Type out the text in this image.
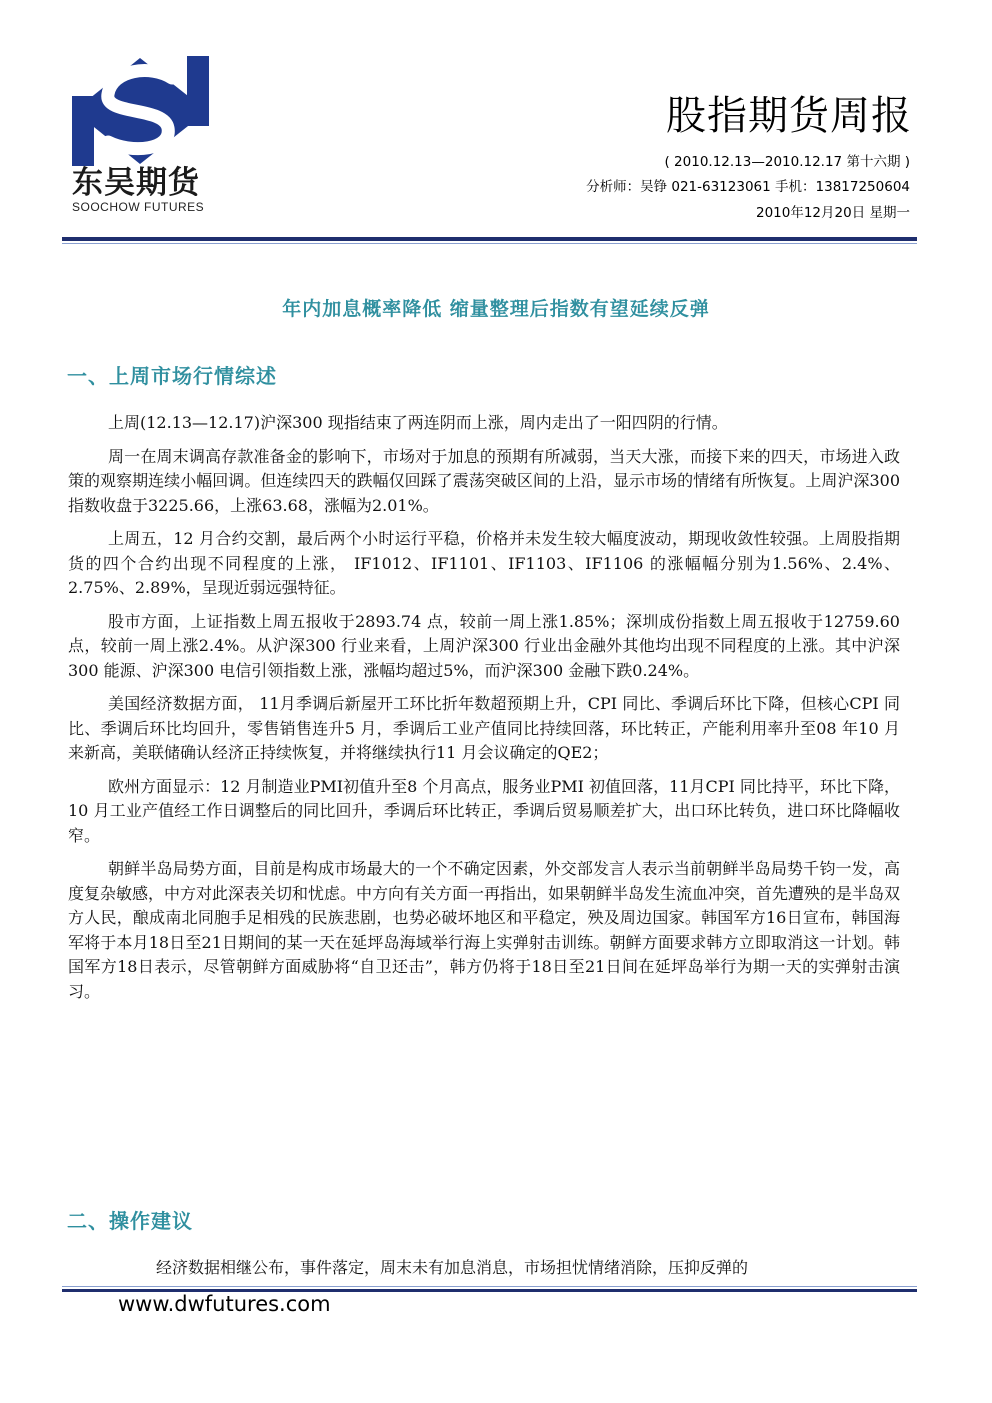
东吴期货
SOOCHOW FUTURES
股指期货周报
( 2010.12.13—2010.12.17 第十六期 )
分析师：吴铮 021-63123061 手机：13817250604
2010年12月20日 星期一
年内加息概率降低 缩量整理后指数有望延续反弹
一、上周市场行情综述

上周(12.13—12.17)沪深300 现指结束了两连阴而上涨，周内走出了一阳四阴的行情。

周一在周末调高存款准备金的影响下，市场对于加息的预期有所减弱，当天大涨，而接下来的四天，市场进入政策的观察期连续小幅回调。但连续四天的跌幅仅回踩了震荡突破区间的上沿，显示市场的情绪有所恢复。上周沪深300 指数收盘于3225.66，上涨63.68，涨幅为2.01%。

上周五，12 月合约交割，最后两个小时运行平稳，价格并未发生较大幅度波动，期现收敛性较强。上周股指期货的四个合约出现不同程度的上涨， IF1012、IF1101、IF1103、IF1106 的涨幅幅分别为1.56%、2.4%、2.75%、2.89%，呈现近弱远强特征。

股市方面，上证指数上周五报收于2893.74 点，较前一周上涨1.85%；深圳成份指数上周五报收于12759.60点，较前一周上涨2.4%。从沪深300 行业来看，上周沪深300 行业出金融外其他均出现不同程度的上涨。其中沪深300 能源、沪深300 电信引领指数上涨，涨幅均超过5%，而沪深300 金融下跌0.24%。

美国经济数据方面， 11月季调后新屋开工环比折年数超预期上升，CPI 同比、季调后环比下降，但核心CPI 同比、季调后环比均回升，零售销售连升5 月，季调后工业产值同比持续回落，环比转正，产能利用率升至08 年10 月来新高，美联储确认经济正持续恢复，并将继续执行11 月会议确定的QE2；

欧州方面显示：12 月制造业PMI初值升至8 个月高点，服务业PMI 初值回落，11月CPI 同比持平，环比下降，10 月工业产值经工作日调整后的同比回升，季调后环比转正，季调后贸易顺差扩大，出口环比转负，进口环比降幅收窄。

朝鲜半岛局势方面，目前是构成市场最大的一个不确定因素，外交部发言人表示当前朝鲜半岛局势千钧一发，高度复杂敏感，中方对此深表关切和忧虑。中方向有关方面一再指出，如果朝鲜半岛发生流血冲突，首先遭殃的是半岛双方人民，酿成南北同胞手足相残的民族悲剧，也势必破坏地区和平稳定，殃及周边国家。韩国军方16日宣布，韩国海军将于本月18日至21日期间的某一天在延坪岛海域举行海上实弹射击训练。朝鲜方面要求韩方立即取消这一计划。韩国军方18日表示，尽管朝鲜方面威胁将“自卫还击”，韩方仍将于18日至21日间在延坪岛举行为期一天的实弹射击演习。

二、操作建议
经济数据相继公布，事件落定，周末未有加息消息，市场担忧情绪消除，压抑反弹的
www.dwfutures.com
